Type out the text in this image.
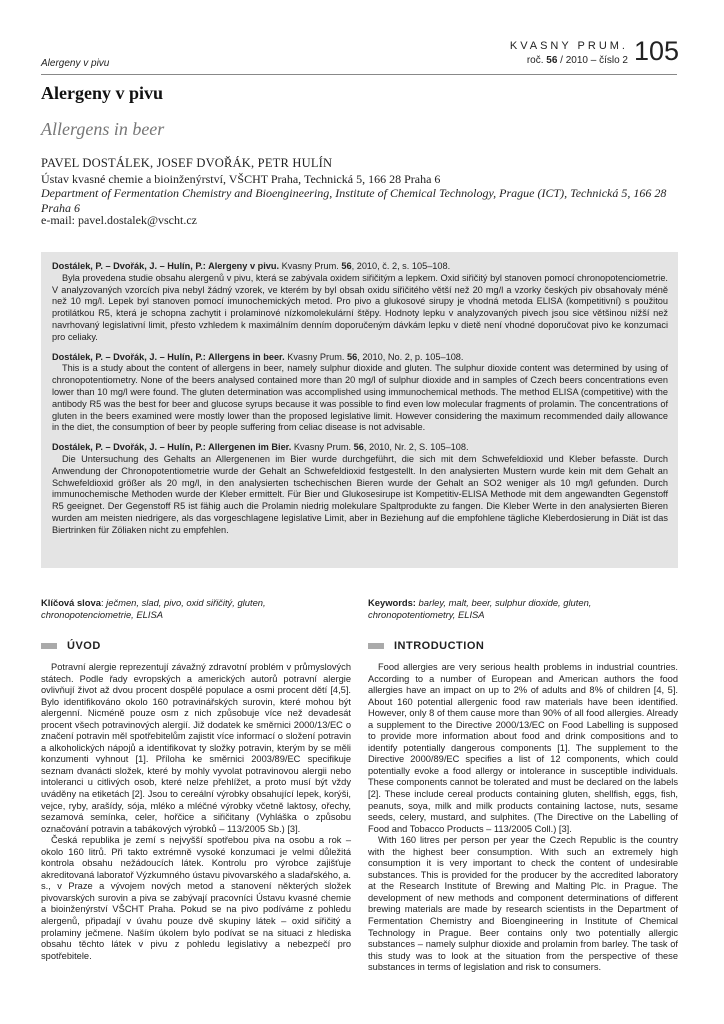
Alergeny v pivu
KVASNY PRUM.
roč. 56 / 2010 – číslo 2 105
Alergeny v pivu
Allergens in beer
PAVEL DOSTÁLEK, JOSEF DVOŘÁK, PETR HULÍN
Ústav kvasné chemie a bioinženýrství, VŠCHT Praha, Technická 5, 166 28 Praha 6
Department of Fermentation Chemistry and Bioengineering, Institute of Chemical Technology, Prague (ICT), Technická 5, 166 28 Praha 6
e-mail: pavel.dostalek@vscht.cz
Dostálek, P. – Dvořák, J. – Hulín, P.: Alergeny v pivu. Kvasny Prum. 56, 2010, č. 2, s. 105–108.
Byla provedena studie obsahu alergenů v pivu, která se zabývala oxidem siřičitým a lepkem. Oxid siřičitý byl stanoven pomocí chronopotenciometrie. V analyzovaných vzorcích piva nebyl žádný vzorek, ve kterém by byl obsah oxidu siřičitého větší než 20 mg/l a vzorky českých piv obsahovaly méně než 10 mg/l. Lepek byl stanoven pomocí imunochemických metod. Pro pivo a glukosové sirupy je vhodná metoda ELISA (kompetitivní) s použitou protilátkou R5, která je schopna zachytit i prolaminové nízkomolekulární štěpy. Hodnoty lepku v analyzovaných pivech jsou sice většinou nižší než navrhovaný legislativní limit, přesto vzhledem k maximálním denním doporučeným dávkám lepku v dietě není vhodné doporučovat pivo ke konzumaci pro celiaky.
Dostálek, P. – Dvořák, J. – Hulín, P.: Allergens in beer. Kvasny Prum. 56, 2010, No. 2, p. 105–108.
This is a study about the content of allergens in beer, namely sulphur dioxide and gluten. The sulphur dioxide content was determined by using of chronopotentiometry. None of the beers analysed contained more than 20 mg/l of sulphur dioxide and in samples of Czech beers concentrations even lower than 10 mg/l were found. The gluten determination was accomplished using immunochemical methods. The method ELISA (competitive) with the antibody R5 was the best for beer and glucose syrups because it was possible to find even low molecular fragments of prolamin. The concentrations of gluten in the beers examined were mostly lower than the proposed legislative limit. However considering the maximum recommended daily allowance in the diet, the consumption of beer by people suffering from celiac disease is not advisable.
Dostálek, P. – Dvořák, J. – Hulín, P.: Allergenen im Bier. Kvasny Prum. 56, 2010, Nr. 2, S. 105–108.
Die Untersuchung des Gehalts an Allergenenen im Bier wurde durchgeführt, die sich mit dem Schwefeldioxid und Kleber befasste. Durch Anwendung der Chronopotentiometrie wurde der Gehalt an Schwefeldioxid festgestellt. In den analysierten Mustern wurde kein mit dem Gehalt an Schwefeldioxid größer als 20 mg/l, in den analysierten tschechischen Bieren wurde der Gehalt an SO2 weniger als 10 mg/l gefunden. Durch immunochemische Methoden wurde der Kleber ermittelt. Für Bier und Glukosesirupe ist Kompetitiv-ELISA Methode mit dem angewandten Gegenstoff R5 geeignet. Der Gegenstoff R5 ist fähig auch die Prolamin niedrig molekulare Spaltprodukte zu fangen. Die Kleber Werte in den analysierten Bieren wurden am meisten niedrigere, als das vorgeschlagene legislative Limit, aber in Beziehung auf die empfohlene tägliche Kleberdosierung in Diät ist das Biertrinken für Zöliaken nicht zu empfehlen.
Klíčová slova: ječmen, slad, pivo, oxid siřičitý, gluten, chronopotenciometrie, ELISA
Keywords: barley, malt, beer, sulphur dioxide, gluten, chronopotentiometry, ELISA
ÚVOD	INTRODUCTION

Potravní alergie reprezentují závažný zdravotní problém v průmyslových státech. Podle řady evropských a amerických autorů potravní alergie ovlivňují život až dvou procent dospělé populace a osmi procent dětí [4,5]. Bylo identifikováno okolo 160 potravinářských surovin, které mohou být alergenní. Nicméně pouze osm z nich způsobuje více než devadesát procent všech potravinových alergií. Již dodatek ke směrnici 2000/13/EC o značení potravin měl spotřebitelům zajistit více informací o složení potravin a alkoholických nápojů a identifikovat ty složky potravin, kterým by se měli konzumenti vyhnout [1]. Příloha ke směrnici 2003/89/EC specifikuje seznam dvanácti složek, které by mohly vyvolat potravinovou alergii nebo intoleranci u citlivých osob, které nelze přehlížet, a proto musí být vždy uváděny na etiketách [2]. Jsou to cereální výrobky obsahující lepek, korýši, vejce, ryby, arašídy, sója, mléko a mléčné výrobky včetně laktosy, ořechy, sezamová semínka, celer, hořčice a siřičitany (Vyhláška o způsobu označování potravin a tabákových výrobků – 113/2005 Sb.) [3].

Česká republika je zemí s nejvyšší spotřebou piva na osobu a rok – okolo 160 litrů. Při takto extrémně vysoké konzumaci je velmi důležitá kontrola obsahu nežádoucích látek. Kontrolu pro výrobce zajišťuje akreditovaná laboratoř Výzkumného ústavu pivovarského a sladařského, a. s., v Praze a vývojem nových metod a stanovení některých složek pivovarských surovin a piva se zabývají pracovníci Ústavu kvasné chemie a bioinženýrství VŠCHT Praha. Pokud se na pivo podíváme z pohledu alergenů, připadají v úvahu pouze dvě skupiny látek – oxid siřičitý a prolaminy ječmene. Naším úkolem bylo podívat se na situaci z hlediska obsahu těchto látek v pivu z pohledu legislativy a nebezpečí pro spotřebitele.

Food allergies are very serious health problems in industrial countries. According to a number of European and American authors the food allergies have an impact on up to 2% of adults and 8% of children [4, 5]. About 160 potential allergenic food raw materials have been identified. However, only 8 of them cause more than 90% of all food allergies. Already a supplement to the Directive 2000/13/EC on Food Labelling is supposed to provide more information about food and drink compositions and to identify potentially dangerous components [1]. The supplement to the Directive 2000/89/EC specifies a list of 12 components, which could potentially evoke a food allergy or intolerance in susceptible individuals. These components cannot be tolerated and must be declared on the labels [2]. These include cereal products containing gluten, shellfish, eggs, fish, peanuts, soya, milk and milk products containing lactose, nuts, sesame seeds, celery, mustard, and sulphites. (The Directive on the Labelling of Food and Tobacco Products – 113/2005 Coll.) [3].

With 160 litres per person per year the Czech Republic is the country with the highest beer consumption. With such an extremely high consumption it is very important to check the content of undesirable substances. This is provided for the producer by the accredited laboratory at the Research Institute of Brewing and Malting Plc. in Prague. The development of new methods and component determinations of different brewing materials are made by research scientists in the Department of Fermentation Chemistry and Bioengineering in Institute of Chemical Technology in Prague. Beer contains only two potentially allergic substances – namely sulphur dioxide and prolamin from barley. The task of this study was to look at the situation from the perspective of these substances in terms of legislation and risk to consumers.
